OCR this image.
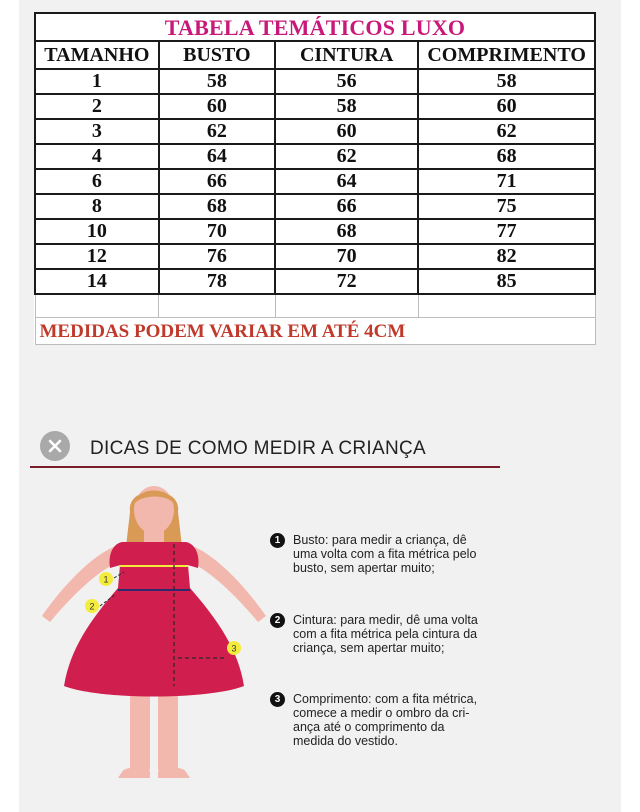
TABELA TEMÁTICOS LUXO			
TAMANHO	BUSTO	CINTURA	COMPRIMENTO
1	58	56	58
2	60	58	60
3	62	60	62
4	64	62	68
6	66	64	71
8	68	66	75
10	70	68	77
12	76	70	82
14	78	72	85

MEDIDAS PODEM VARIAR EM ATÉ 4CM			
DICAS DE COMO MEDIR A CRIANÇA
1
2
3
1	Busto: para medir a criança, dê
uma volta com a fita métrica pelo
busto, sem apertar muito;
2	Cintura: para medir, dê uma volta
com a fita métrica pela cintura da
criança, sem apertar muito;
3	Comprimento: com a fita métrica,
comece a medir o ombro da cri-
ança até o comprimento da
medida do vestido.
